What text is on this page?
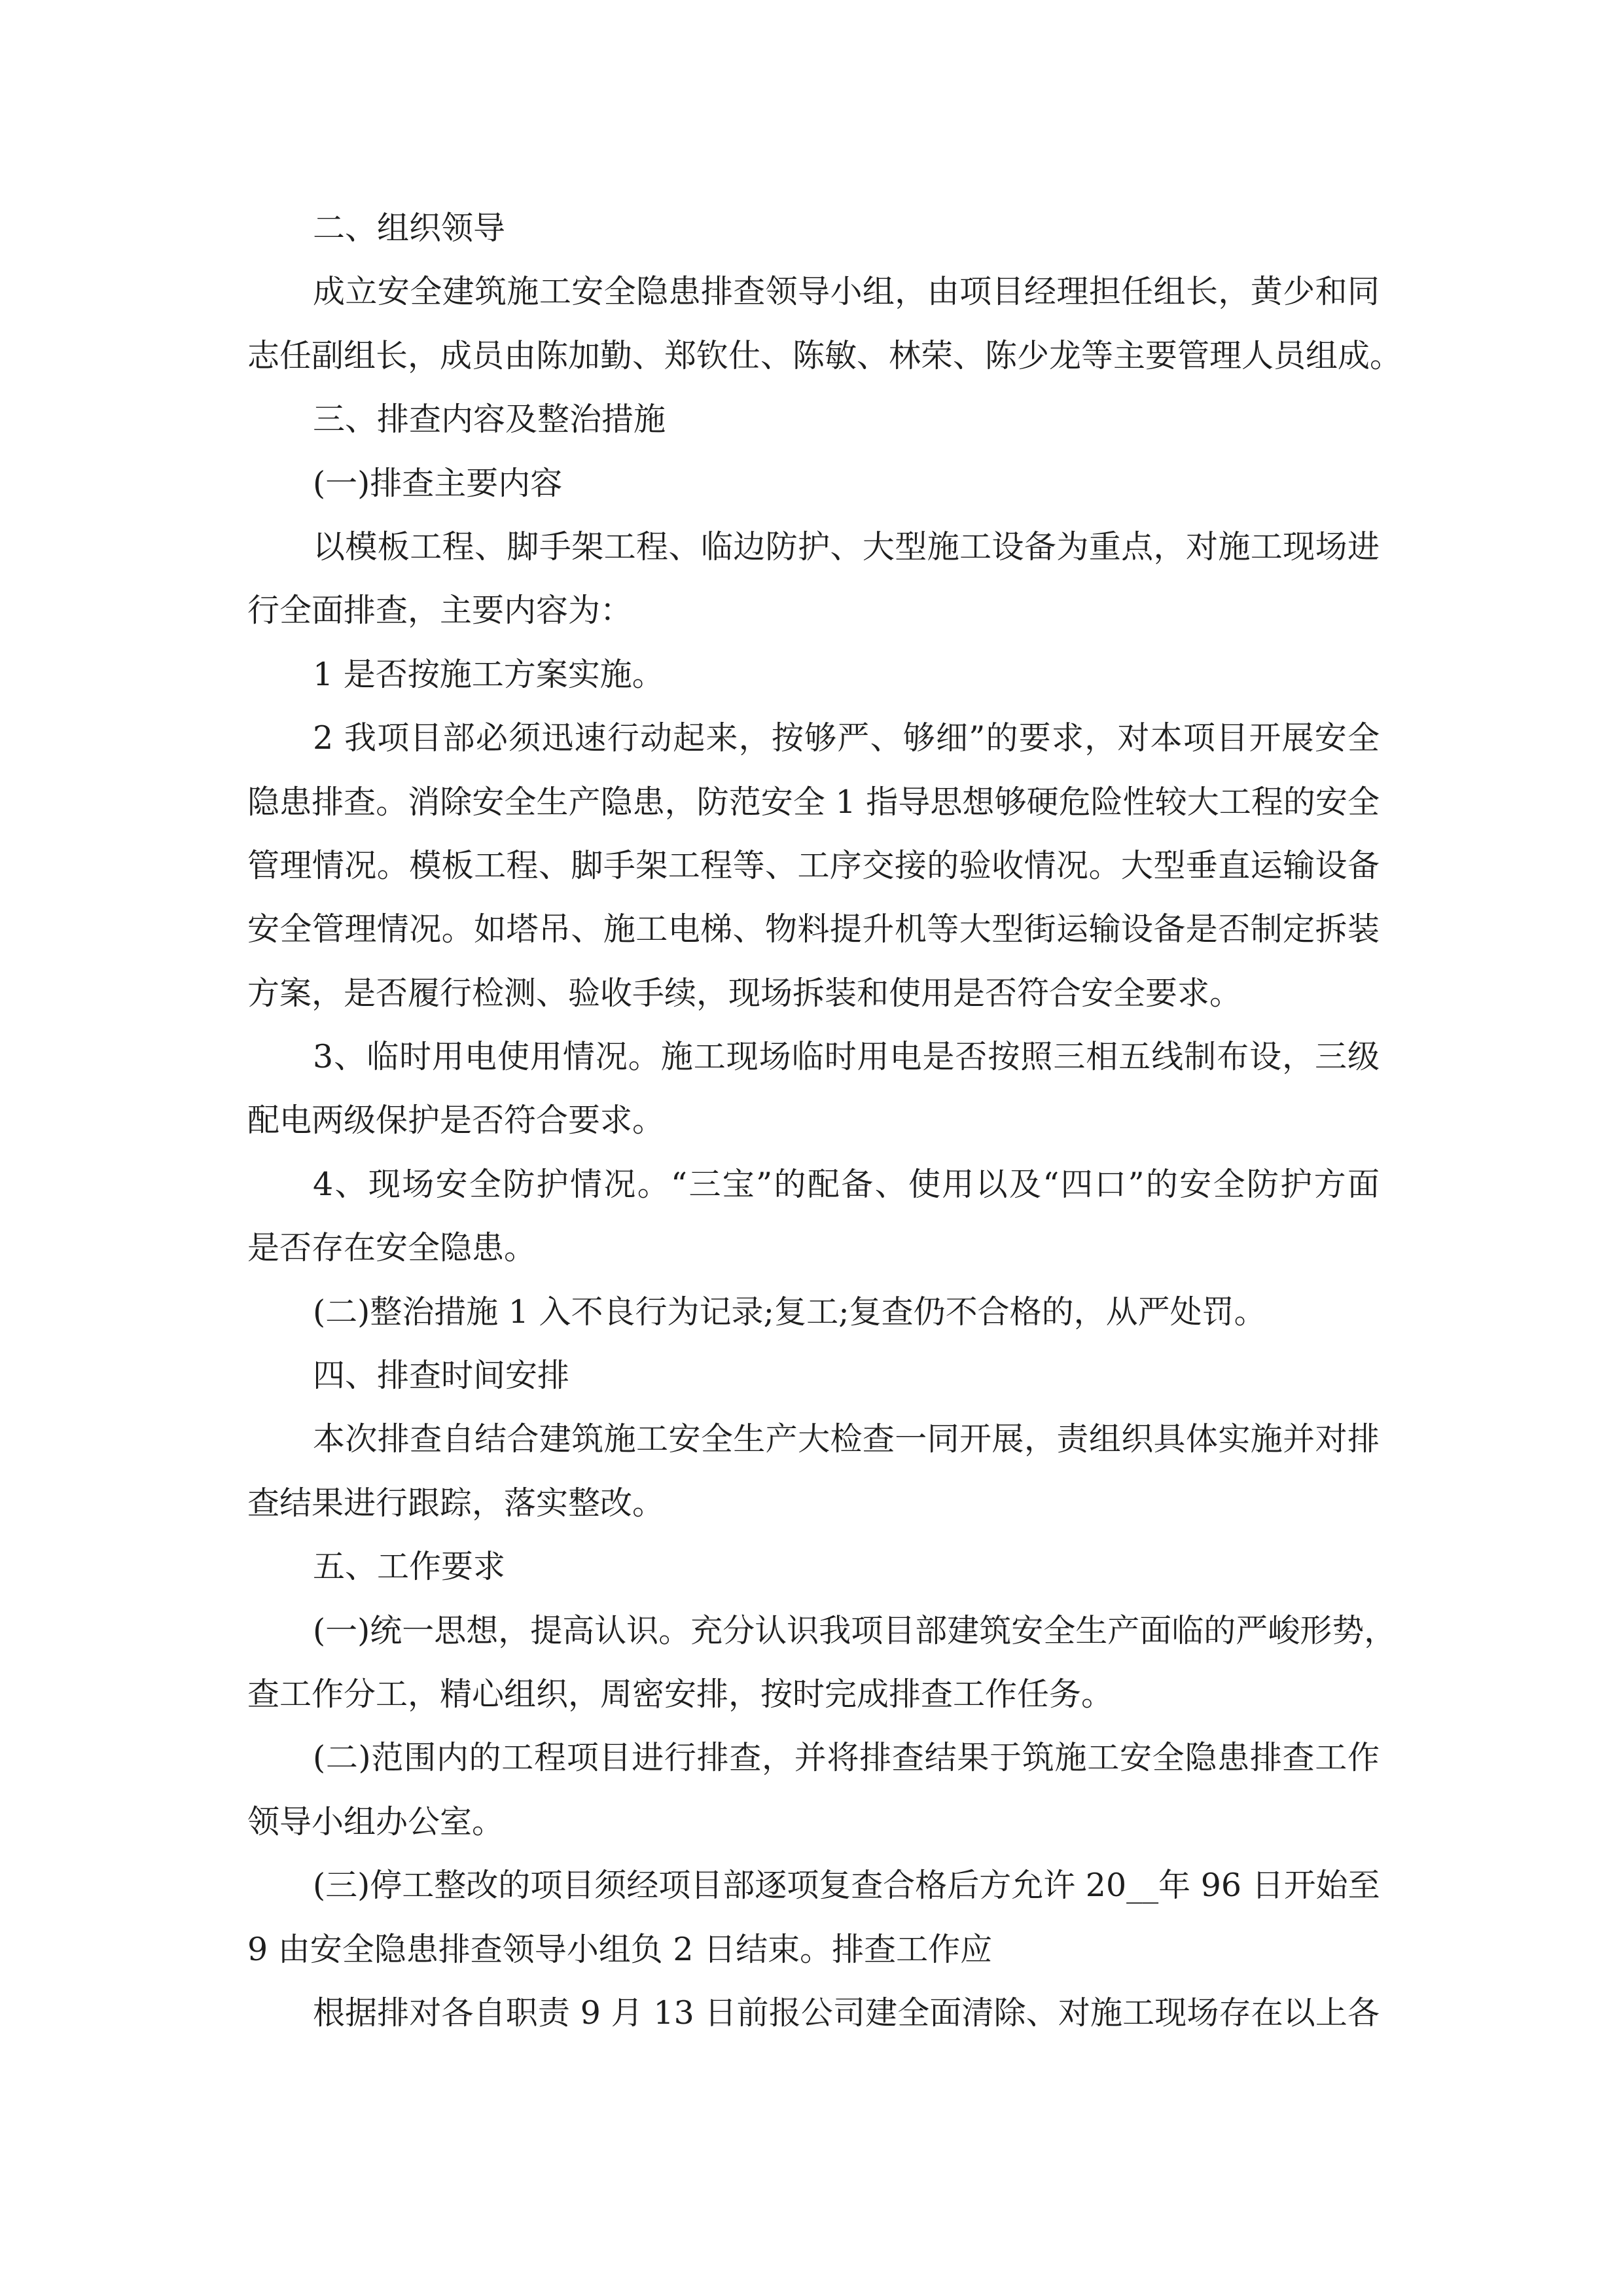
二、组织领导
成立安全建筑施工安全隐患排查领导小组，由项目经理担任组长，黄少和同
志任副组长，成员由陈加勤、郑钦仕、陈敏、林荣、陈少龙等主要管理人员组成。
三、排查内容及整治措施
(一)排查主要内容
以模板工程、脚手架工程、临边防护、大型施工设备为重点，对施工现场进
行全面排查，主要内容为：
1 是否按施工方案实施。
2 我项目部必须迅速行动起来，按够严、够细”的要求，对本项目开展安全
隐患排查。消除安全生产隐患，防范安全 1 指导思想够硬危险性较大工程的安全
管理情况。模板工程、脚手架工程等、工序交接的验收情况。大型垂直运输设备
安全管理情况。如塔吊、施工电梯、物料提升机等大型街运输设备是否制定拆装
方案，是否履行检测、验收手续，现场拆装和使用是否符合安全要求。
3、临时用电使用情况。施工现场临时用电是否按照三相五线制布设，三级
配电两级保护是否符合要求。
4、现场安全防护情况。“三宝”的配备、使用以及“四口”的安全防护方面
是否存在安全隐患。
(二)整治措施 1 入不良行为记录;复工;复查仍不合格的，从严处罚。
四、排查时间安排
本次排查自结合建筑施工安全生产大检查一同开展，责组织具体实施并对排
查结果进行跟踪，落实整改。
五、工作要求
(一)统一思想，提高认识。充分认识我项目部建筑安全生产面临的严峻形势，
查工作分工，精心组织，周密安排，按时完成排查工作任务。
(二)范围内的工程项目进行排查，并将排查结果于筑施工安全隐患排查工作
领导小组办公室。
(三)停工整改的项目须经项目部逐项复查合格后方允许 20__年 96 日开始至
9 由安全隐患排查领导小组负 2 日结束。排查工作应
根据排对各自职责 9 月 13 日前报公司建全面清除、对施工现场存在以上各
